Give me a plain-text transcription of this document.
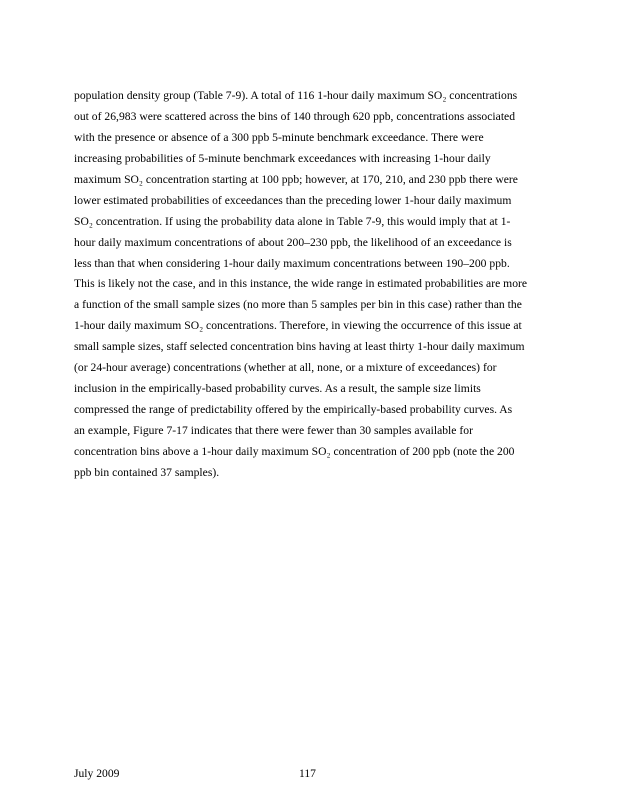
population density group (Table 7-9). A total of 116 1-hour daily maximum SO₂ concentrations
out of 26,983 were scattered across the bins of 140 through 620 ppb, concentrations associated
with the presence or absence of a 300 ppb 5-minute benchmark exceedance. There were
increasing probabilities of 5-minute benchmark exceedances with increasing 1-hour daily
maximum SO₂ concentration starting at 100 ppb; however, at 170, 210, and 230 ppb there were
lower estimated probabilities of exceedances than the preceding lower 1-hour daily maximum
SO₂ concentration. If using the probability data alone in Table 7-9, this would imply that at 1-
hour daily maximum concentrations of about 200–230 ppb, the likelihood of an exceedance is
less than that when considering 1-hour daily maximum concentrations between 190–200 ppb.
This is likely not the case, and in this instance, the wide range in estimated probabilities are more
a function of the small sample sizes (no more than 5 samples per bin in this case) rather than the
1-hour daily maximum SO₂ concentrations. Therefore, in viewing the occurrence of this issue at
small sample sizes, staff selected concentration bins having at least thirty 1-hour daily maximum
(or 24-hour average) concentrations (whether at all, none, or a mixture of exceedances) for
inclusion in the empirically-based probability curves. As a result, the sample size limits
compressed the range of predictability offered by the empirically-based probability curves. As
an example, Figure 7-17 indicates that there were fewer than 30 samples available for
concentration bins above a 1-hour daily maximum SO₂ concentration of 200 ppb (note the 200
ppb bin contained 37 samples).
July 2009	117
